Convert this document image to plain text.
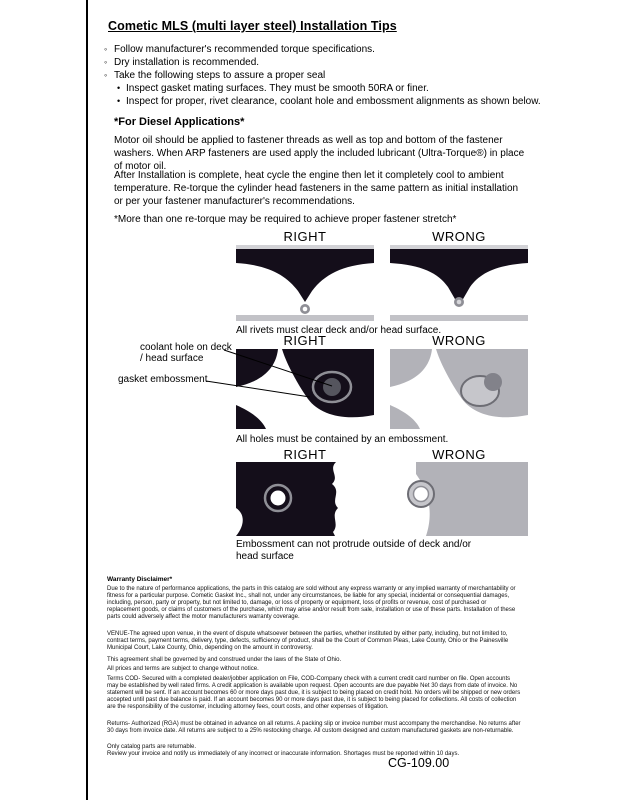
Cometic MLS (multi layer steel) Installation Tips
◦ Follow manufacturer's recommended torque specifications.
◦ Dry installation is recommended.
◦ Take the following steps to assure a proper seal
• Inspect gasket mating surfaces. They must be smooth 50RA or finer.
• Inspect for proper, rivet clearance, coolant hole and embossment alignments as shown below.
*For Diesel Applications*
Motor oil should be applied to fastener threads as well as top and bottom of the fastener washers. When ARP fasteners are used apply the included lubricant (Ultra-Torque®) in place of motor oil.
After Installation is complete, heat cycle the engine then let it completely cool to ambient temperature. Re-torque the cylinder head fasteners in the same pattern as initial installation or per your fastener manufacturer's recommendations.
*More than one re-torque may be required to achieve proper fastener stretch*
RIGHT	WRONG
All rivets must clear deck and/or head surface.
RIGHT	WRONG
coolant hole on deck / head surface
gasket embossment
All holes must be contained by an embossment.
RIGHT	WRONG
Embossment can not protrude outside of deck and/or head surface
Warranty Disclaimer*
Due to the nature of performance applications, the parts in this catalog are sold without any express warranty or any implied warranty of merchantability or fitness for a particular purpose. Cometic Gasket Inc., shall not, under any circumstances, be liable for any special, incidental or consequential damages, including, person, party or property, but not limited to, damage, or loss of property or equipment, loss of profits or revenue, cost of purchased or replacement goods, or claims of customers of the purchase, which may arise and/or result from sale, installation or use of these parts. Installation of these parts could adversely affect the motor manufacturers warranty coverage.
VENUE-The agreed upon venue, in the event of dispute whatsoever between the parties, whether instituted by either party, including, but not limited to, contract terms, payment terms, delivery, type, defects, sufficiency of product, shall be the Court of Common Pleas, Lake County, Ohio or the Painesville Municipal Court, Lake County, Ohio, depending on the amount in controversy.
This agreement shall be governed by and construed under the laws of the State of Ohio.
All prices and terms are subject to change without notice.
Terms COD- Secured with a completed dealer/jobber application on File, COD-Company check with a current credit card number on file. Open accounts may be established by well rated firms. A credit application is available upon request. Open accounts are due payable Net 30 days from date of invoice. No statement will be sent. If an account becomes 60 or more days past due, it is subject to being placed on credit hold. No orders will be shipped or new orders accepted until past due balance is paid. If an account becomes 90 or more days past due, it is subject to being placed for collections. All costs of collection are the responsibility of the customer, including attorney fees, court costs, and other expenses of litigation.
Returns- Authorized (RGA) must be obtained in advance on all returns. A packing slip or invoice number must accompany the merchandise. No returns after 30 days from invoice date. All returns are subject to a 25% restocking charge. All custom designed and custom manufactured gaskets are non-returnable.
Only catalog parts are returnable.
Review your invoice and notify us immediately of any incorrect or inaccurate information. Shortages must be reported within 10 days.
CG-109.00
